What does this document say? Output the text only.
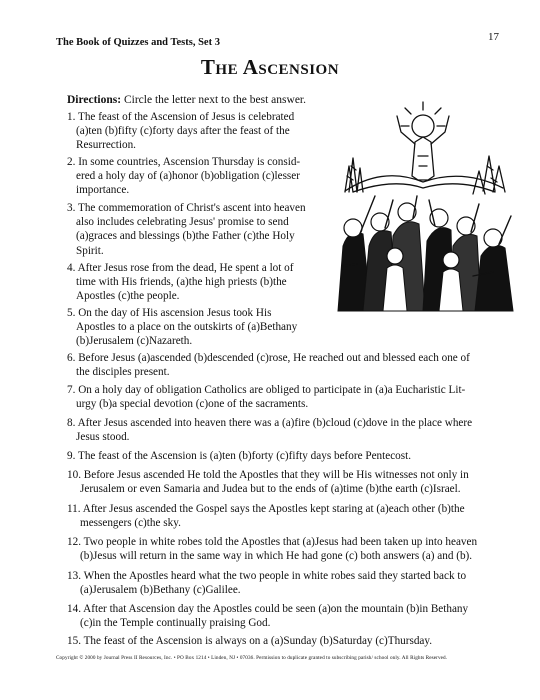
The Book of Quizzes and Tests, Set 3	17
The Ascension
Directions: Circle the letter next to the best answer.
1. The feast of the Ascension of Jesus is celebrated
(a)ten (b)fifty (c)forty days after the feast of the
Resurrection.
2. In some countries, Ascension Thursday is consid-
ered a holy day of (a)honor (b)obligation (c)lesser
importance.
3. The commemoration of Christ's ascent into heaven
also includes celebrating Jesus' promise to send
(a)graces and blessings (b)the Father (c)the Holy
Spirit.
4. After Jesus rose from the dead, He spent a lot of
time with His friends, (a)the high priests (b)the
Apostles (c)the people.
5. On the day of His ascension Jesus took His
Apostles to a place on the outskirts of (a)Bethany
(b)Jerusalem (c)Nazareth.
6. Before Jesus (a)ascended (b)descended (c)rose, He reached out and blessed each one of
the disciples present.
7. On a holy day of obligation Catholics are obliged to participate in (a)a Eucharistic Lit-
urgy (b)a special devotion (c)one of the sacraments.
8. After Jesus ascended into heaven there was a (a)fire (b)cloud (c)dove in the place where
Jesus stood.
9. The feast of the Ascension is (a)ten (b)forty (c)fifty days before Pentecost.
10. Before Jesus ascended He told the Apostles that they will be His witnesses not only in
Jerusalem or even Samaria and Judea but to the ends of (a)time (b)the earth (c)Israel.
11. After Jesus ascended the Gospel says the Apostles kept staring at (a)each other (b)the
messengers (c)the sky.
12. Two people in white robes told the Apostles that (a)Jesus had been taken up into heaven
(b)Jesus will return in the same way in which He had gone (c) both answers (a) and (b).
13. When the Apostles heard what the two people in white robes said they started back to
(a)Jerusalem (b)Bethany (c)Galilee.
14. After that Ascension day the Apostles could be seen (a)on the mountain (b)in Bethany
(c)in the Temple continually praising God.
15. The feast of the Ascension is always on a (a)Sunday (b)Saturday (c)Thursday.
Copyright © 2000 by Journal Press II Resources, Inc. • PO Box 1214 • Linden, NJ • 07036. Permission to duplicate granted to subscribing parish/ school only. All Rights Reserved.
